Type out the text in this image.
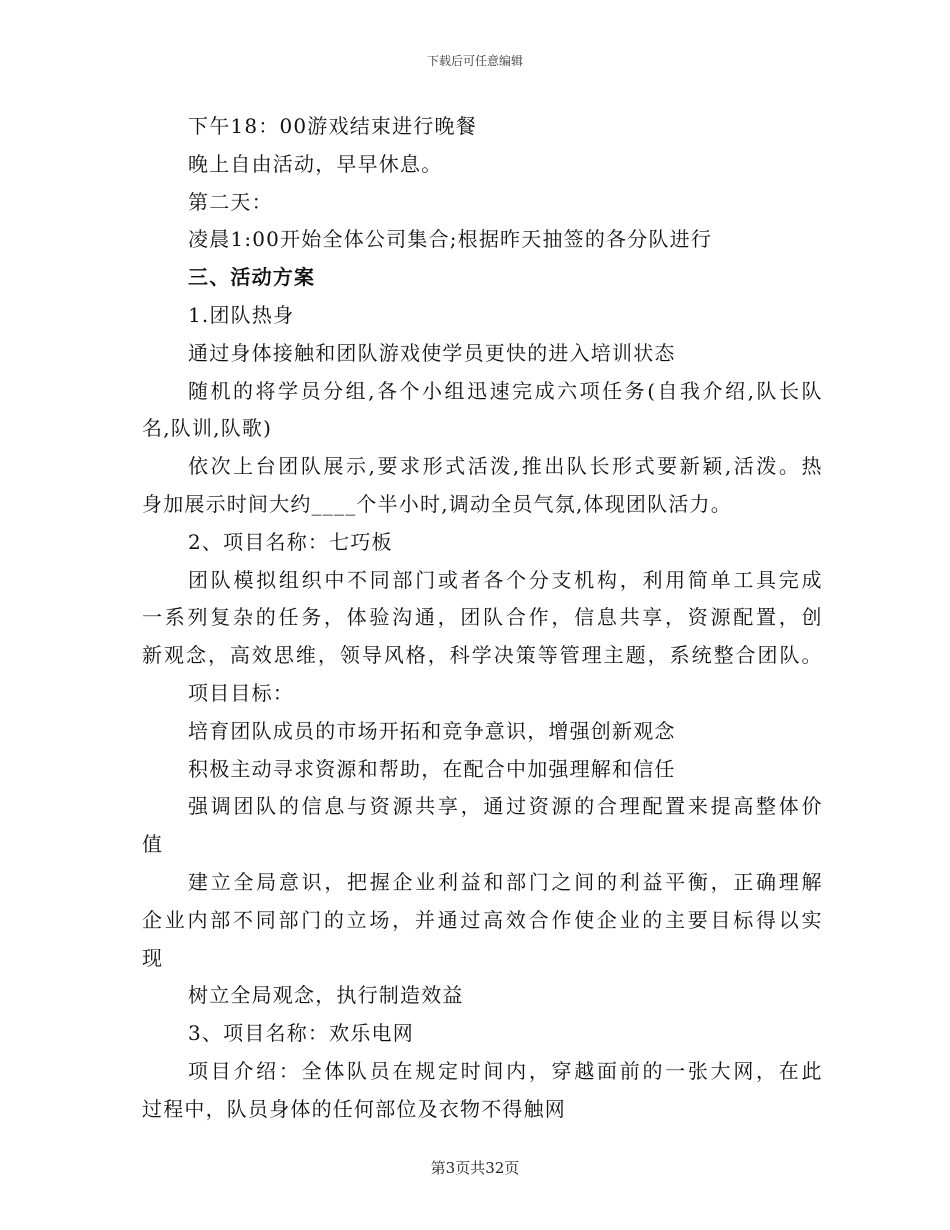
下载后可任意编辑
下午18：00游戏结束进行晚餐
晚上自由活动，早早休息。
第二天：
凌晨1:00开始全体公司集合;根据昨天抽签的各分队进行
三、活动方案
1.团队热身
通过身体接触和团队游戏使学员更快的进入培训状态
随机的将学员分组,各个小组迅速完成六项任务(自我介绍,队长队
名,队训,队歌)
依次上台团队展示,要求形式活泼,推出队长形式要新颖,活泼。热
身加展示时间大约____个半小时,调动全员气氛,体现团队活力。
2、项目名称：七巧板
团队模拟组织中不同部门或者各个分支机构，利用简单工具完成
一系列复杂的任务，体验沟通，团队合作，信息共享，资源配置，创
新观念，高效思维，领导风格，科学决策等管理主题，系统整合团队。
项目目标：
培育团队成员的市场开拓和竞争意识，增强创新观念
积极主动寻求资源和帮助，在配合中加强理解和信任
强调团队的信息与资源共享，通过资源的合理配置来提高整体价
值
建立全局意识，把握企业利益和部门之间的利益平衡，正确理解
企业内部不同部门的立场，并通过高效合作使企业的主要目标得以实
现
树立全局观念，执行制造效益
3、项目名称：欢乐电网
项目介绍：全体队员在规定时间内，穿越面前的一张大网，在此
过程中，队员身体的任何部位及衣物不得触网
第3页共32页
